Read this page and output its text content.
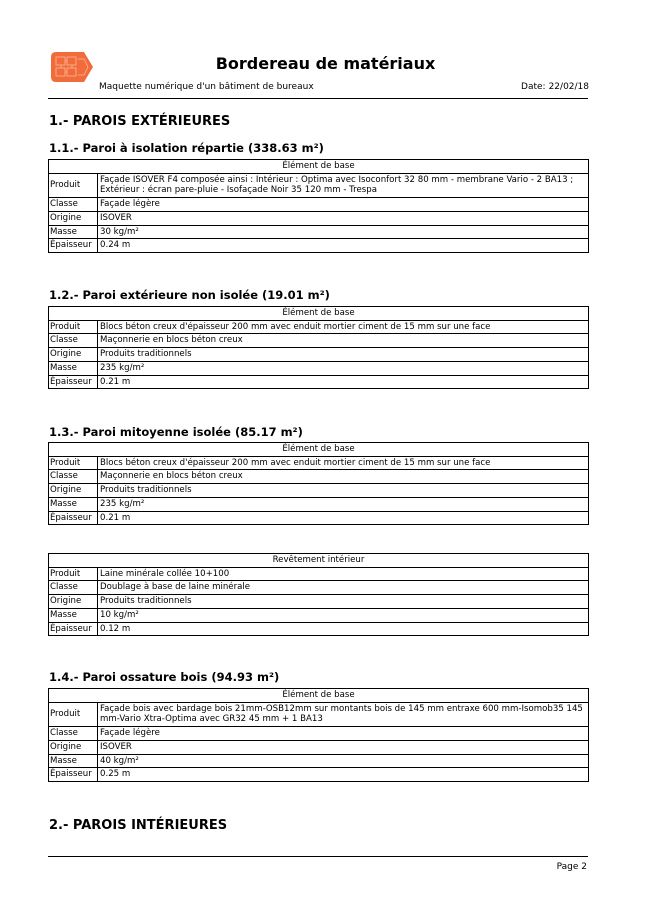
Bordereau de matériaux
Maquette numérique d'un bâtiment de bureaux	Date: 22/02/18
1.- PAROIS EXTÉRIEURES
1.1.- Paroi à isolation répartie (338.63 m²)
Élément de base	
Produit	Façade ISOVER F4 composée ainsi : Intérieur : Optima avec Isoconfort 32 80 mm - membrane Vario - 2 BA13 ; Extérieur : écran pare-pluie - Isofaçade Noir 35 120 mm - Trespa
Classe	Façade légère
Origine	ISOVER
Masse	30 kg/m²
Épaisseur	0.24 m
1.2.- Paroi extérieure non isolée (19.01 m²)
Élément de base	
Produit	Blocs béton creux d'épaisseur 200 mm avec enduit mortier ciment de 15 mm sur une face
Classe	Maçonnerie en blocs béton creux
Origine	Produits traditionnels
Masse	235 kg/m²
Épaisseur	0.21 m
1.3.- Paroi mitoyenne isolée (85.17 m²)
Élément de base	
Produit	Blocs béton creux d'épaisseur 200 mm avec enduit mortier ciment de 15 mm sur une face
Classe	Maçonnerie en blocs béton creux
Origine	Produits traditionnels
Masse	235 kg/m²
Épaisseur	0.21 m
Revêtement intérieur	
Produit	Laine minérale collée 10+100
Classe	Doublage à base de laine minérale
Origine	Produits traditionnels
Masse	10 kg/m²
Épaisseur	0.12 m
1.4.- Paroi ossature bois (94.93 m²)
Élément de base	
Produit	Façade bois avec bardage bois 21mm-OSB12mm sur montants bois de 145 mm entraxe 600 mm-Isomob35 145 mm-Vario Xtra-Optima avec GR32 45 mm + 1 BA13
Classe	Façade légère
Origine	ISOVER
Masse	40 kg/m²
Épaisseur	0.25 m
2.- PAROIS INTÉRIEURES
Page 2
